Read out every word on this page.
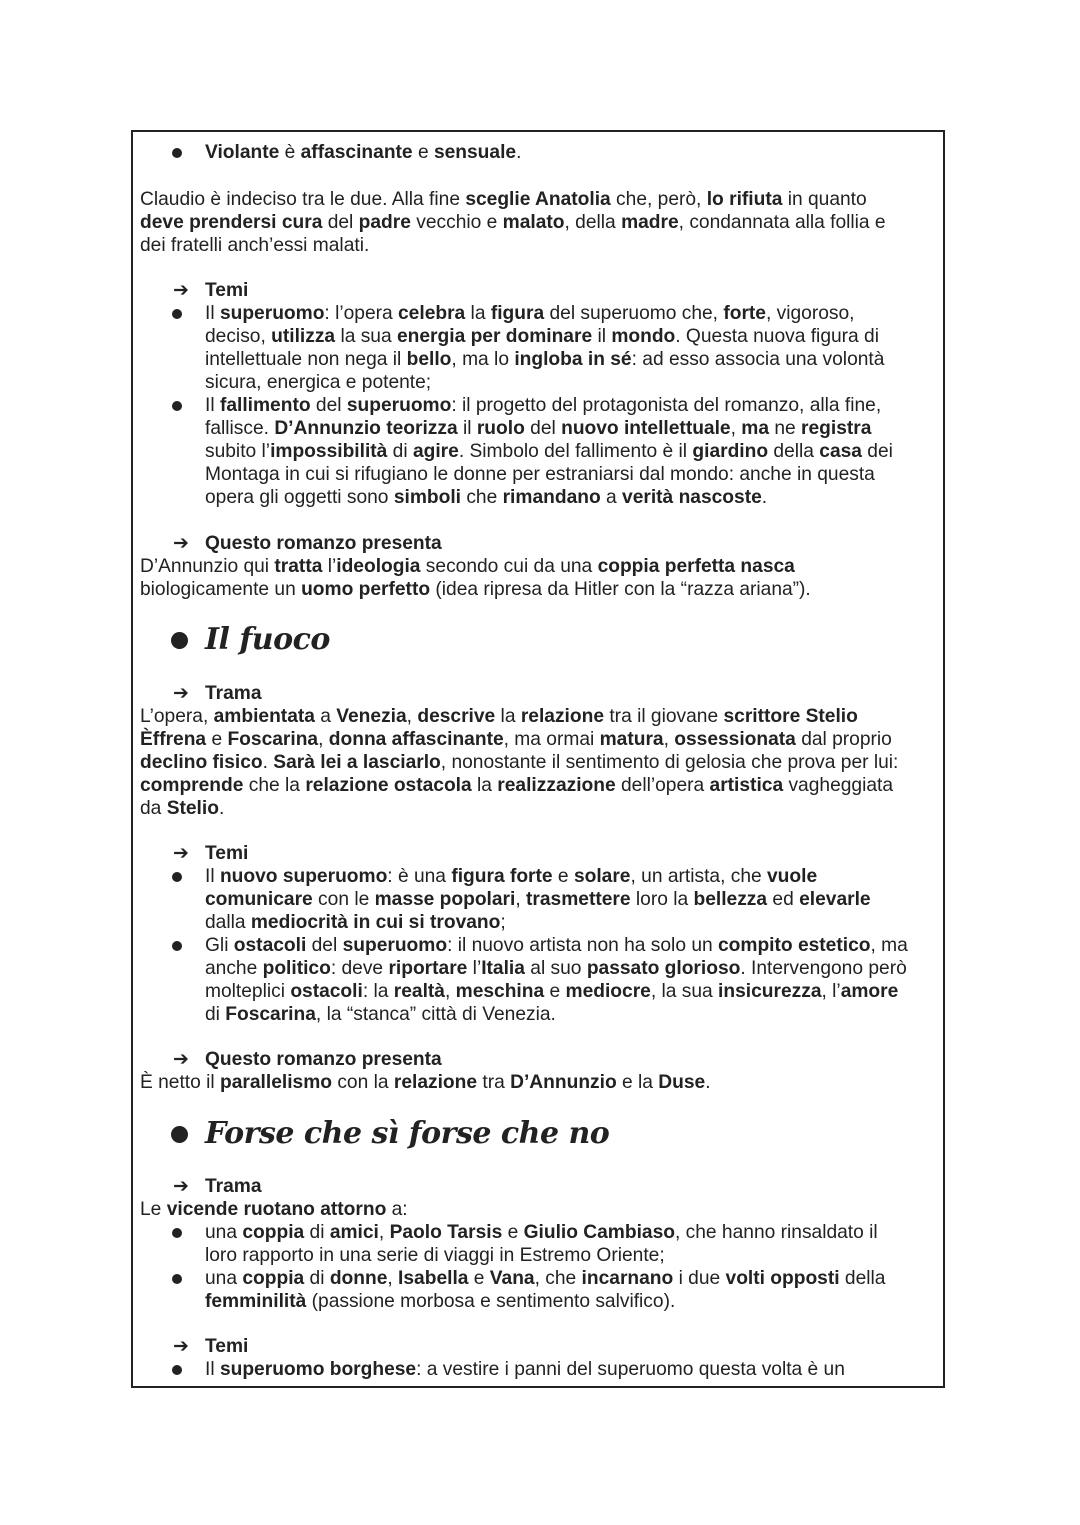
Violante è affascinante e sensuale.
Claudio è indeciso tra le due. Alla fine sceglie Anatolia che, però, lo rifiuta in quanto
deve prendersi cura del padre vecchio e malato, della madre, condannata alla follia e
dei fratelli anch’essi malati.
➔ Temi
Il superuomo: l’opera celebra la figura del superuomo che, forte, vigoroso,
deciso, utilizza la sua energia per dominare il mondo. Questa nuova figura di
intellettuale non nega il bello, ma lo ingloba in sé: ad esso associa una volontà
sicura, energica e potente;
Il fallimento del superuomo: il progetto del protagonista del romanzo, alla fine,
fallisce. D’Annunzio teorizza il ruolo del nuovo intellettuale, ma ne registra
subito l’impossibilità di agire. Simbolo del fallimento è il giardino della casa dei
Montaga in cui si rifugiano le donne per estraniarsi dal mondo: anche in questa
opera gli oggetti sono simboli che rimandano a verità nascoste.
➔ Questo romanzo presenta
D’Annunzio qui tratta l’ideologia secondo cui da una coppia perfetta nasca
biologicamente un uomo perfetto (idea ripresa da Hitler con la “razza ariana”).
Il fuoco
➔ Trama
L’opera, ambientata a Venezia, descrive la relazione tra il giovane scrittore Stelio
Èffrena e Foscarina, donna affascinante, ma ormai matura, ossessionata dal proprio
declino fisico. Sarà lei a lasciarlo, nonostante il sentimento di gelosia che prova per lui:
comprende che la relazione ostacola la realizzazione dell’opera artistica vagheggiata
da Stelio.
➔ Temi
Il nuovo superuomo: è una figura forte e solare, un artista, che vuole
comunicare con le masse popolari, trasmettere loro la bellezza ed elevarle
dalla mediocrità in cui si trovano;
Gli ostacoli del superuomo: il nuovo artista non ha solo un compito estetico, ma
anche politico: deve riportare l’Italia al suo passato glorioso. Intervengono però
molteplici ostacoli: la realtà, meschina e mediocre, la sua insicurezza, l’amore
di Foscarina, la “stanca” città di Venezia.
➔ Questo romanzo presenta
È netto il parallelismo con la relazione tra D’Annunzio e la Duse.
Forse che sì forse che no
➔ Trama
Le vicende ruotano attorno a:
una coppia di amici, Paolo Tarsis e Giulio Cambiaso, che hanno rinsaldato il
loro rapporto in una serie di viaggi in Estremo Oriente;
una coppia di donne, Isabella e Vana, che incarnano i due volti opposti della
femminilità (passione morbosa e sentimento salvifico).
➔ Temi
Il superuomo borghese: a vestire i panni del superuomo questa volta è un
